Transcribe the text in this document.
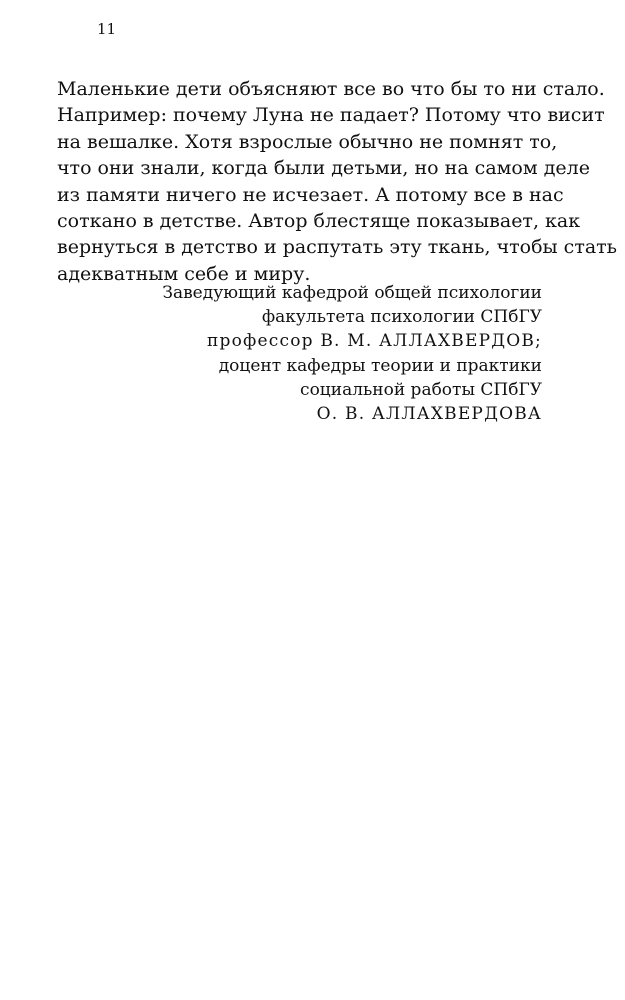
11
Маленькие дети объясняют все во что бы то ни стало.
Например: почему Луна не падает? Потому что висит
на вешалке. Хотя взрослые обычно не помнят то,
что они знали, когда были детьми, но на самом деле
из памяти ничего не исчезает. А потому все в нас
соткано в детстве. Автор блестяще показывает, как
вернуться в детство и распутать эту ткань, чтобы стать
адекватным себе и миру.
Заведующий кафедрой общей психологии
факультета психологии СПбГУ
профессор В. М. АЛЛАХВЕРДОВ;
доцент кафедры теории и практики
социальной работы СПбГУ
О. В. АЛЛАХВЕРДОВА
